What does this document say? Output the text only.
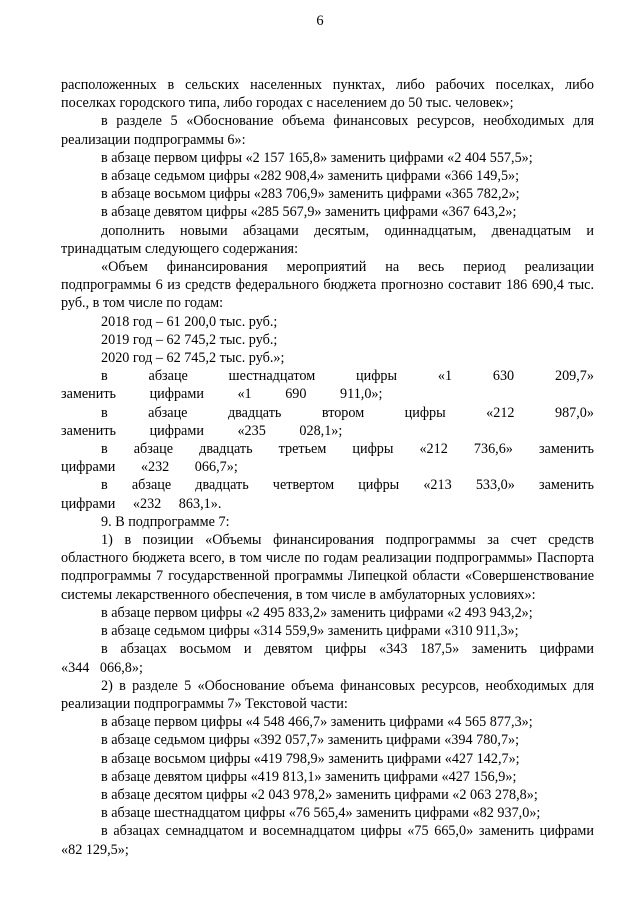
6

расположенных в сельских населенных пунктах, либо рабочих поселках, либо поселках городского типа, либо городах с населением до 50 тыс. человек»;

в разделе 5 «Обоснование объема финансовых ресурсов, необходимых для реализации подпрограммы 6»:

в абзаце первом цифры «2 157 165,8» заменить цифрами «2 404 557,5»;

в абзаце седьмом цифры «282 908,4» заменить цифрами «366 149,5»;

в абзаце восьмом цифры «283 706,9» заменить цифрами «365 782,2»;

в абзаце девятом цифры «285 567,9» заменить цифрами «367 643,2»;

дополнить новыми абзацами десятым, одиннадцатым, двенадцатым и тринадцатым следующего содержания:

«Объем финансирования мероприятий на весь период реализации подпрограммы 6 из средств федерального бюджета прогнозно составит 186 690,4 тыс. руб., в том числе по годам:

2018 год – 61 200,0 тыс. руб.;

2019 год – 62 745,2 тыс. руб.;

2020 год – 62 745,2 тыс. руб.»;

в абзаце шестнадцатом цифры «1 630 209,7» заменить цифрами «1 690 911,0»;

в абзаце двадцать втором цифры «212 987,0» заменить цифрами «235 028,1»;

в абзаце двадцать третьем цифры «212 736,6» заменить цифрами «232 066,7»;

в абзаце двадцать четвертом цифры «213 533,0» заменить цифрами «232 863,1».

9. В подпрограмме 7:

1) в позиции «Объемы финансирования подпрограммы за счет средств областного бюджета всего, в том числе по годам реализации подпрограммы» Паспорта подпрограммы 7 государственной программы Липецкой области «Совершенствование системы лекарственного обеспечения, в том числе в амбулаторных условиях»:

в абзаце первом цифры «2 495 833,2» заменить цифрами «2 493 943,2»;

в абзаце седьмом цифры «314 559,9» заменить цифрами «310 911,3»;

в абзацах восьмом и девятом цифры «343 187,5» заменить цифрами «344 066,8»;

2) в разделе 5 «Обоснование объема финансовых ресурсов, необходимых для реализации подпрограммы 7» Текстовой части:

в абзаце первом цифры «4 548 466,7» заменить цифрами «4 565 877,3»;

в абзаце седьмом цифры «392 057,7» заменить цифрами «394 780,7»;

в абзаце восьмом цифры «419 798,9» заменить цифрами «427 142,7»;

в абзаце девятом цифры «419 813,1» заменить цифрами «427 156,9»;

в абзаце десятом цифры «2 043 978,2» заменить цифрами «2 063 278,8»;

в абзаце шестнадцатом цифры «76 565,4» заменить цифрами «82 937,0»;

в абзацах семнадцатом и восемнадцатом цифры «75 665,0» заменить цифрами «82 129,5»;
